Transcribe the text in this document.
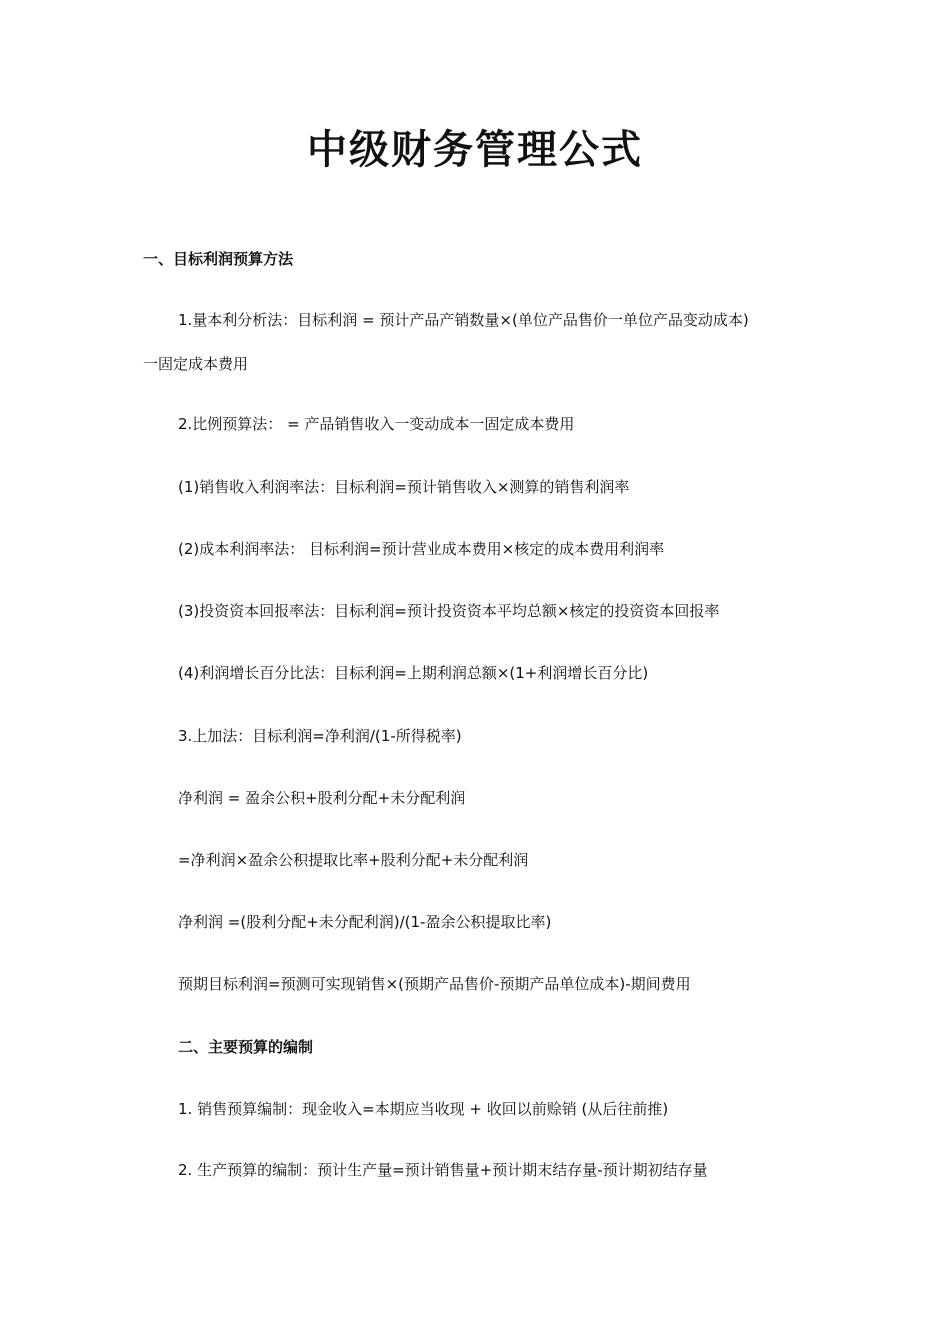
中级财务管理公式

一、目标利润预算方法

1.量本利分析法：目标利润 = 预计产品产销数量×(单位产品售价一单位产品变动成本)

一固定成本费用

2.比例预算法： = 产品销售收入一变动成本一固定成本费用

(1)销售收入利润率法：目标利润=预计销售收入×测算的销售利润率

(2)成本利润率法： 目标利润=预计营业成本费用×核定的成本费用利润率

(3)投资资本回报率法：目标利润=预计投资资本平均总额×核定的投资资本回报率

(4)利润增长百分比法：目标利润=上期利润总额×(1+利润增长百分比)

3.上加法：目标利润=净利润/(1-所得税率)

净利润 = 盈余公积+股利分配+未分配利润

=净利润×盈余公积提取比率+股利分配+未分配利润

净利润 =(股利分配+未分配利润)/(1-盈余公积提取比率)

预期目标利润=预测可实现销售×(预期产品售价-预期产品单位成本)-期间费用

二、主要预算的编制

1. 销售预算编制：现金收入=本期应当收现 + 收回以前赊销 (从后往前推)

2. 生产预算的编制：预计生产量=预计销售量+预计期末结存量-预计期初结存量
